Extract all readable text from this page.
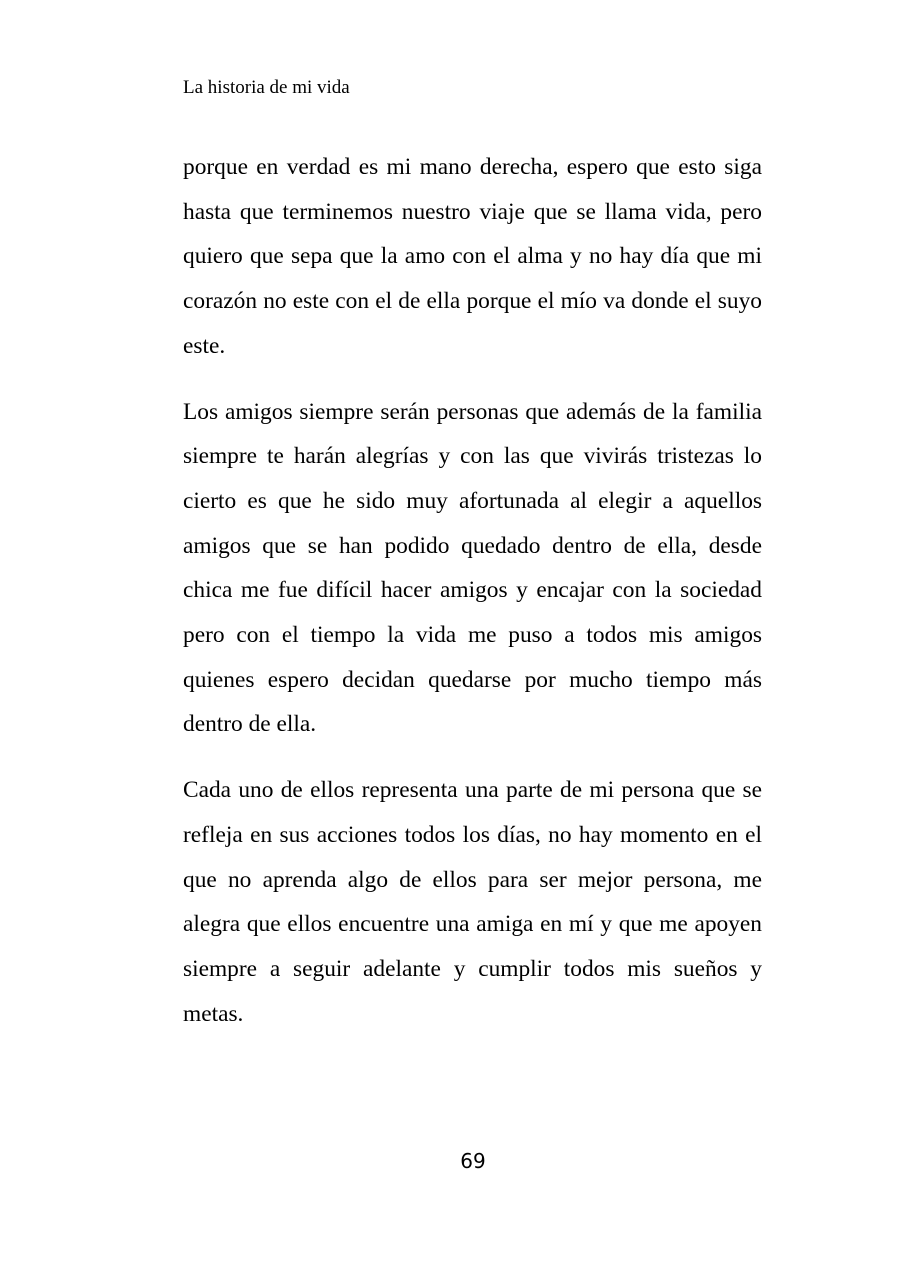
La historia de mi vida

porque en verdad es mi mano derecha, espero que esto siga hasta que terminemos nuestro viaje que se llama vida, pero quiero que sepa que la amo con el alma y no hay día que mi corazón no este con el de ella porque el mío va donde el suyo este.

Los amigos siempre serán personas que además de la familia siempre te harán alegrías y con las que vivirás tristezas lo cierto es que he sido muy afortunada al elegir a aquellos amigos que se han podido quedado dentro de ella, desde chica me fue difícil hacer amigos y encajar con la sociedad pero con el tiempo la vida me puso a todos mis amigos quienes espero decidan quedarse por mucho tiempo más dentro de ella.

Cada uno de ellos representa una parte de mi persona que se refleja en sus acciones todos los días, no hay momento en el que no aprenda algo de ellos para ser mejor persona, me alegra que ellos encuentre una amiga en mí y que me apoyen siempre a seguir adelante y cumplir todos mis sueños y metas.

69
